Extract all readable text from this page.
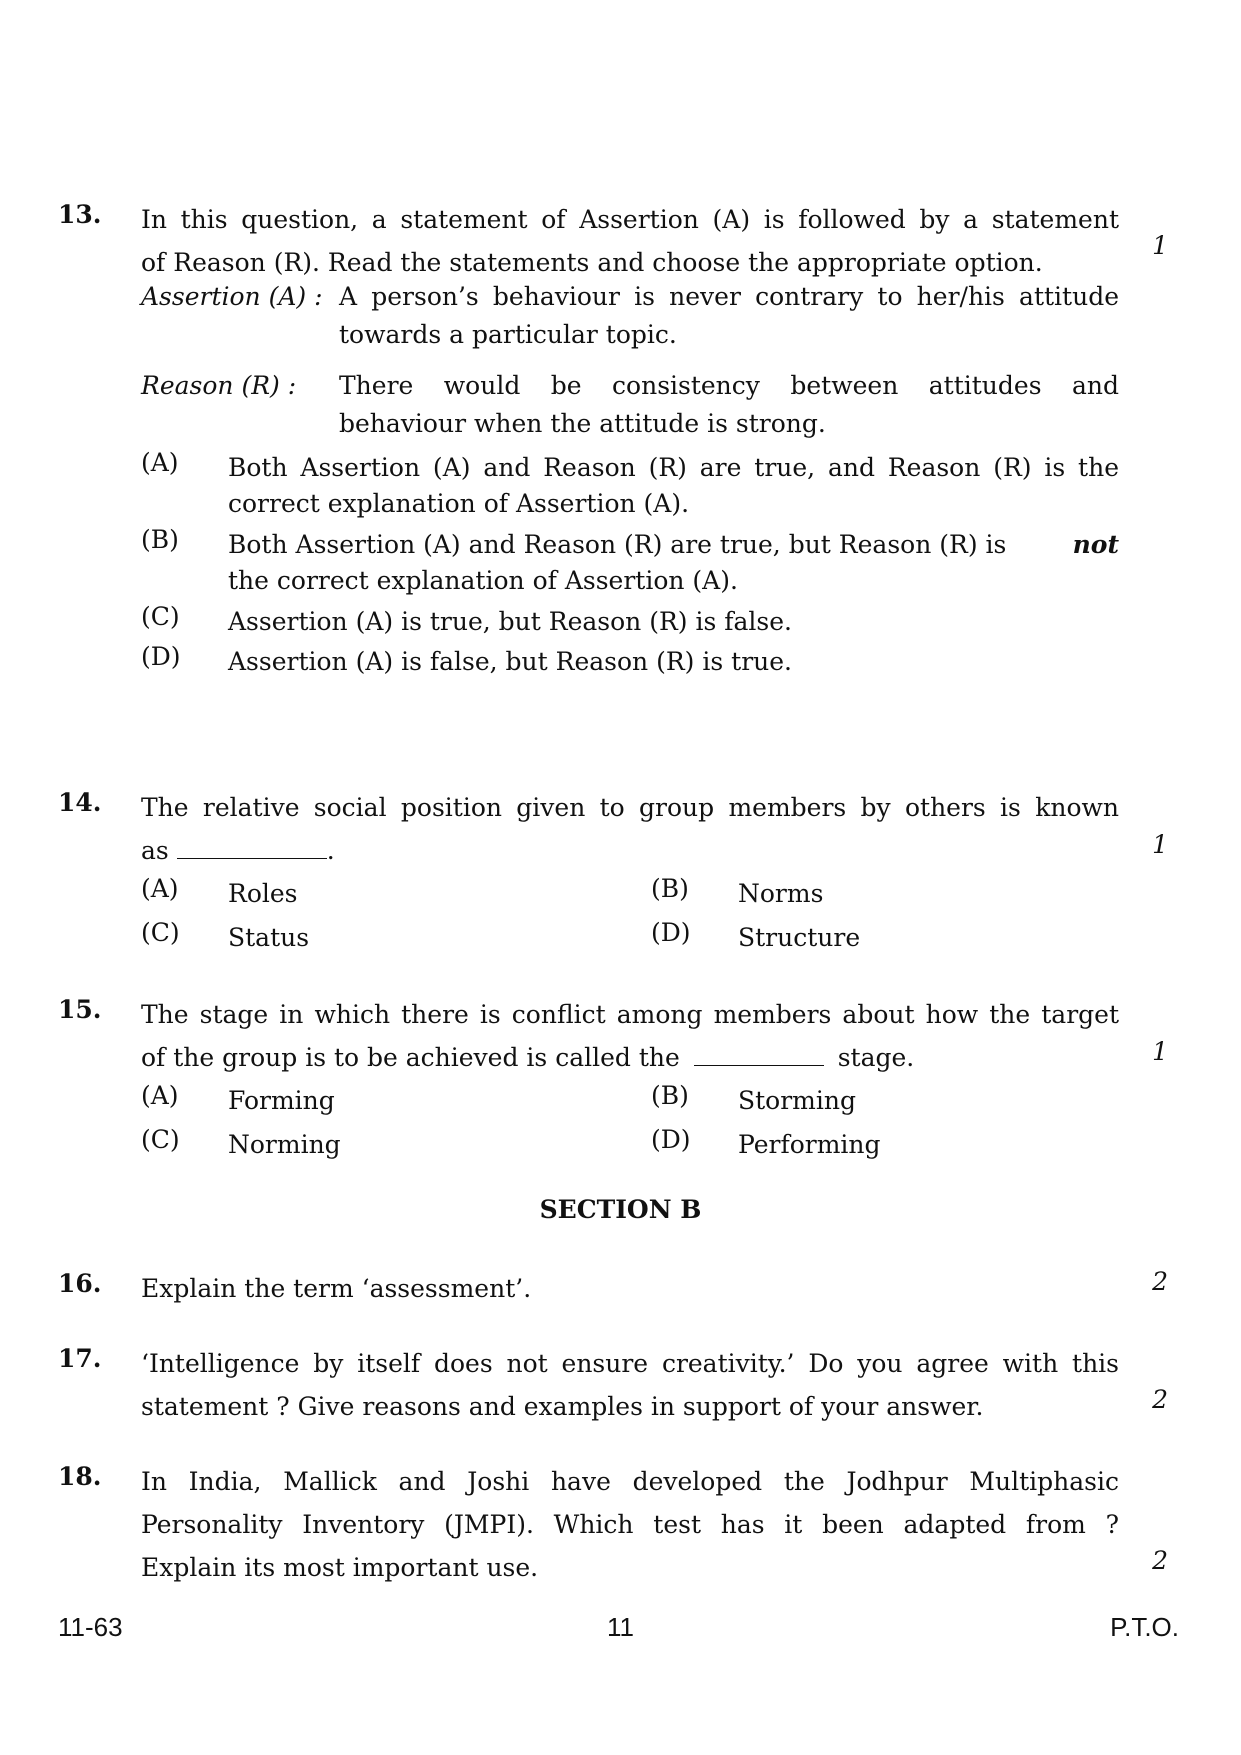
13. In this question, a statement of Assertion (A) is followed by a statement
of Reason (R). Read the statements and choose the appropriate option.
1
Assertion (A) : A person’s behaviour is never contrary to her/his attitude
towards a particular topic.
Reason (R) : There would be consistency between attitudes and
behaviour when the attitude is strong.
(A) Both Assertion (A) and Reason (R) are true, and Reason (R) is the
correct explanation of Assertion (A).
(B) Both Assertion (A) and Reason (R) are true, but Reason (R) is	not
the correct explanation of Assertion (A).
(C) Assertion (A) is true, but Reason (R) is false.
(D) Assertion (A) is false, but Reason (R) is true.
14. The relative social position given to group members by others is known
as	.	1
(A) Roles	(B) Norms
(C) Status	(D) Structure
15. The stage in which there is conflict among members about how the target
of the group is to be achieved is called the	stage.	1
(A) Forming	(B) Storming
(C) Norming	(D) Performing
SECTION B
16. Explain the term ‘assessment’.	2
17. ‘Intelligence by itself does not ensure creativity.’ Do you agree with this
statement ? Give reasons and examples in support of your answer.	2
18. In India, Mallick and Joshi have developed the Jodhpur Multiphasic
Personality Inventory (JMPI). Which test has it been adapted from ?
Explain its most important use.	2
11-63	11	P.T.O.
